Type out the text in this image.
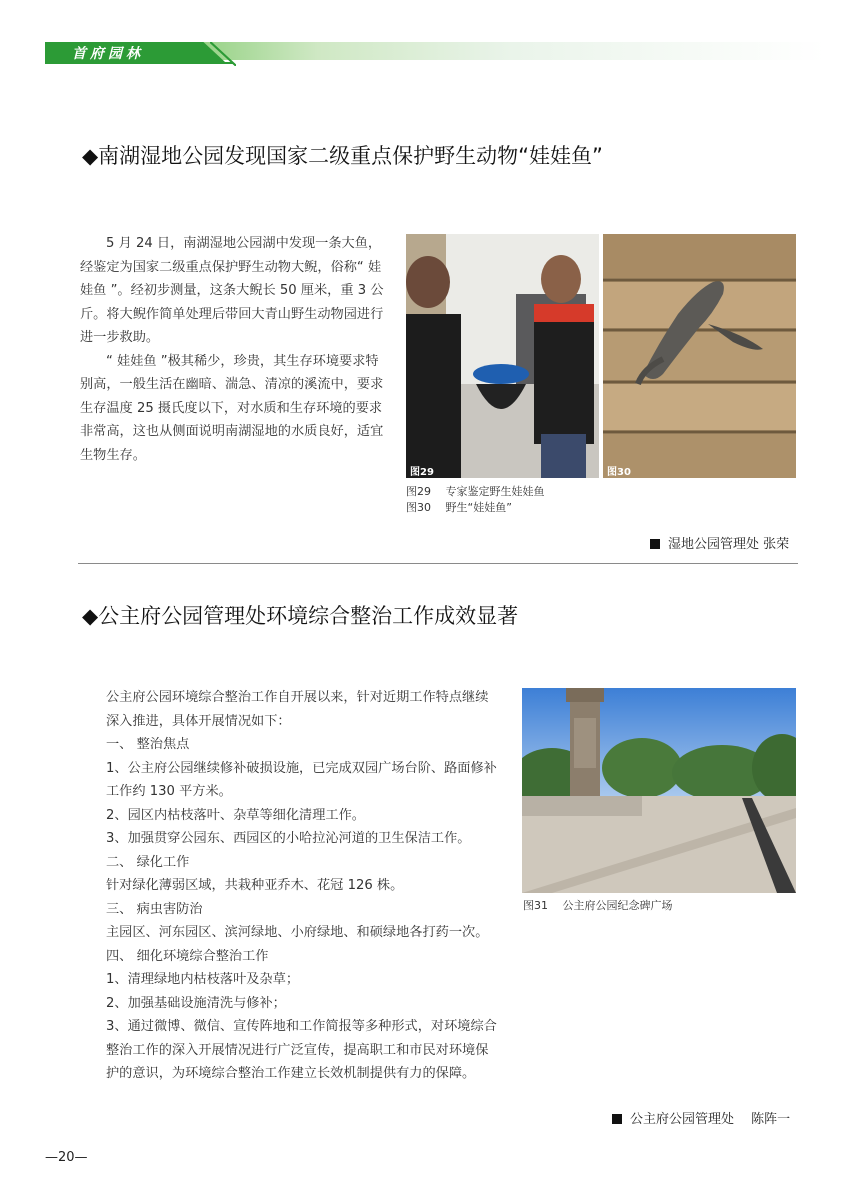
首府园林
◆南湖湿地公园发现国家二级重点保护野生动物“娃娃鱼”

5 月 24 日，南湖湿地公园湖中发现一条大鱼，经鉴定为国家二级重点保护野生动物大鲵，俗称“ 娃娃鱼 ”。经初步测量，这条大鲵长 50 厘米，重 3 公斤。将大鲵作简单处理后带回大青山野生动物园进行进一步救助。

“ 娃娃鱼 ”极其稀少，珍贵，其生存环境要求特别高，一般生活在幽暗、湍急、清凉的溪流中，要求生存温度 25 摄氏度以下，对水质和生存环境的要求非常高，这也从侧面说明南湖湿地的水质良好，适宜生物生存。

图29	图30
图29　 专家鉴定野生娃娃鱼
图30　 野生“娃娃鱼”
湿地公园管理处 张荣
◆公主府公园管理处环境综合整治工作成效显著

公主府公园环境综合整治工作自开展以来，针对近期工作特点继续深入推进，具体开展情况如下：

一、 整治焦点

1、公主府公园继续修补破损设施，已完成双园广场台阶、路面修补工作约 130 平方米。

2、园区内枯枝落叶、杂草等细化清理工作。

3、加强贯穿公园东、西园区的小哈拉沁河道的卫生保洁工作。

二、 绿化工作

针对绿化薄弱区域，共栽种亚乔木、花冠 126 株。

三、 病虫害防治

主园区、河东园区、滨河绿地、小府绿地、和硕绿地各打药一次。

四、 细化环境综合整治工作

1、清理绿地内枯枝落叶及杂草；

2、加强基础设施清洗与修补；

3、通过微博、微信、宣传阵地和工作简报等多种形式，对环境综合整治工作的深入开展情况进行广泛宣传，提高职工和市民对环境保护的意识，为环境综合整治工作建立长效机制提供有力的保障。

图31　 公主府公园纪念碑广场
公主府公园管理处　 陈阵一
—20—
